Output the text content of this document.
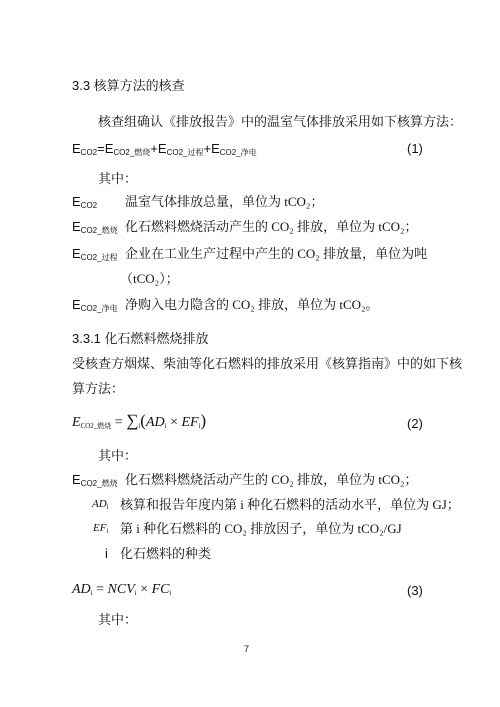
3.3 核算方法的核查
核查组确认《排放报告》中的温室气体排放采用如下核算方法：
$E_{CO2}=E_{CO2\_燃烧}+E_{CO2\_过程}+E_{CO2\_净电}$	(1)
其中：
$E_{CO2}$ 温室气体排放总量，单位为 tCO₂；
$E_{CO2\_燃烧}$ 化石燃料燃烧活动产生的 CO₂ 排放，单位为 tCO₂；
$E_{CO2\_过程}$ 企业在工业生产过程中产生的 CO₂ 排放量，单位为吨
（tCO₂）；
$E_{CO2\_净电}$ 净购入电力隐含的 CO₂ 排放，单位为 tCO₂。
3.3.1 化石燃料燃烧排放
受核查方烟煤、柴油等化石燃料的排放采用《核算指南》中的如下核
算方法：
$E_{CO2\_燃烧} = \sum_i(AD_i \times EF_i)$	(2)
其中：
$E_{CO2\_燃烧}$ 化石燃料燃烧活动产生的 CO₂ 排放，单位为 tCO₂；
$AD_i$ 核算和报告年度内第 i 种化石燃料的活动水平，单位为 GJ；
$EF_i$ 第 i 种化石燃料的 CO₂ 排放因子，单位为 tCO₂/GJ
i 化石燃料的种类
$AD_i = NCV_i \times FC_i$	(3)
其中：
7
